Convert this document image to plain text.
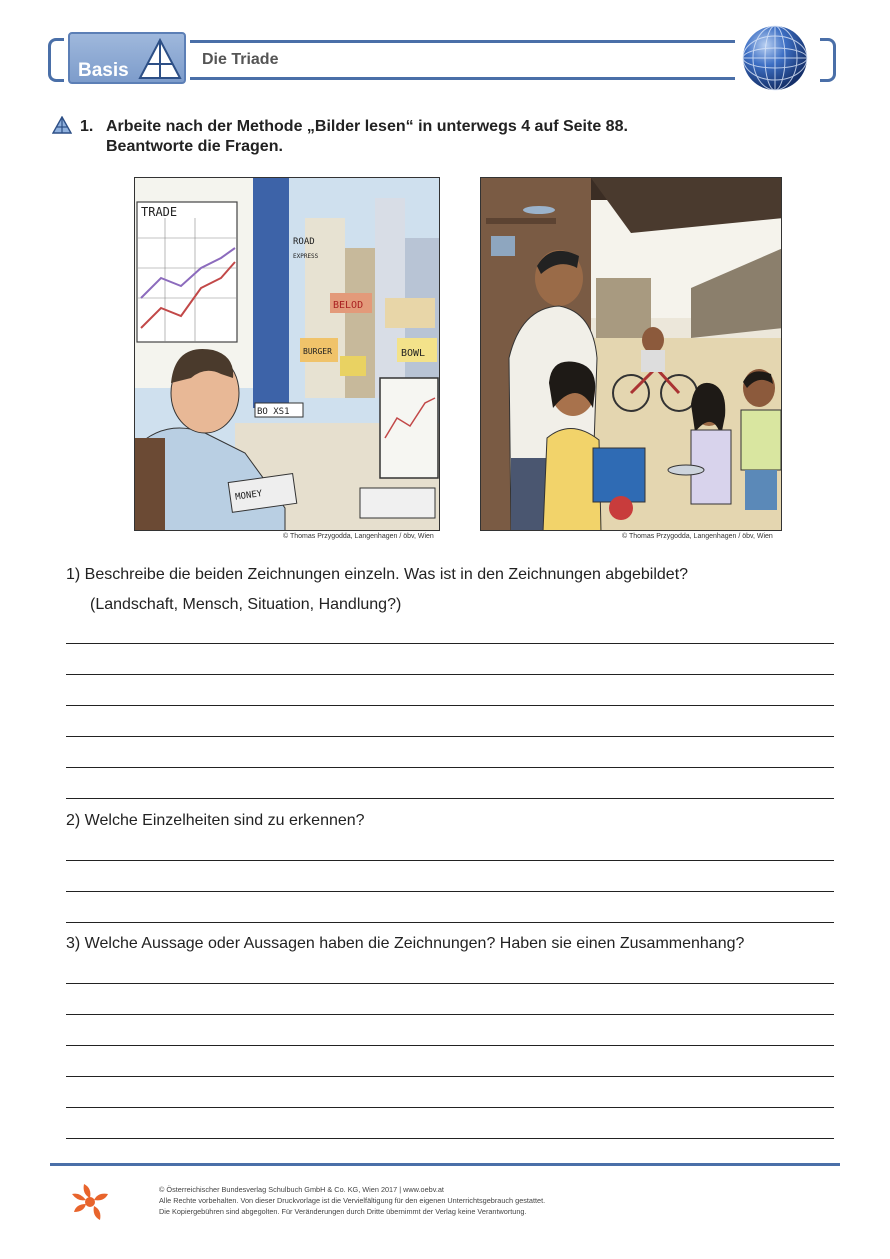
Basis
Die Triade
1. Arbeite nach der Methode „Bilder lesen“ in unterwegs 4 auf Seite 88.
Beantworte die Fragen.
TRADE
ROAD
EXPRESS
BELOD
BURGER	BOWL
BO XS1
MONEY
© Thomas Przygodda, Langenhagen / öbv, Wien	© Thomas Przygodda, Langenhagen / öbv, Wien
1) Beschreibe die beiden Zeichnungen einzeln. Was ist in den Zeichnungen abgebildet?
(Landschaft, Mensch, Situation, Handlung?)
2) Welche Einzelheiten sind zu erkennen?
3) Welche Aussage oder Aussagen haben die Zeichnungen? Haben sie einen Zusammenhang?
© Österreichischer Bundesverlag Schulbuch GmbH & Co. KG, Wien 2017 | www.oebv.at
Alle Rechte vorbehalten. Von dieser Druckvorlage ist die Vervielfältigung für den eigenen Unterrichtsgebrauch gestattet.
Die Kopiergebühren sind abgegolten. Für Veränderungen durch Dritte übernimmt der Verlag keine Verantwortung.
